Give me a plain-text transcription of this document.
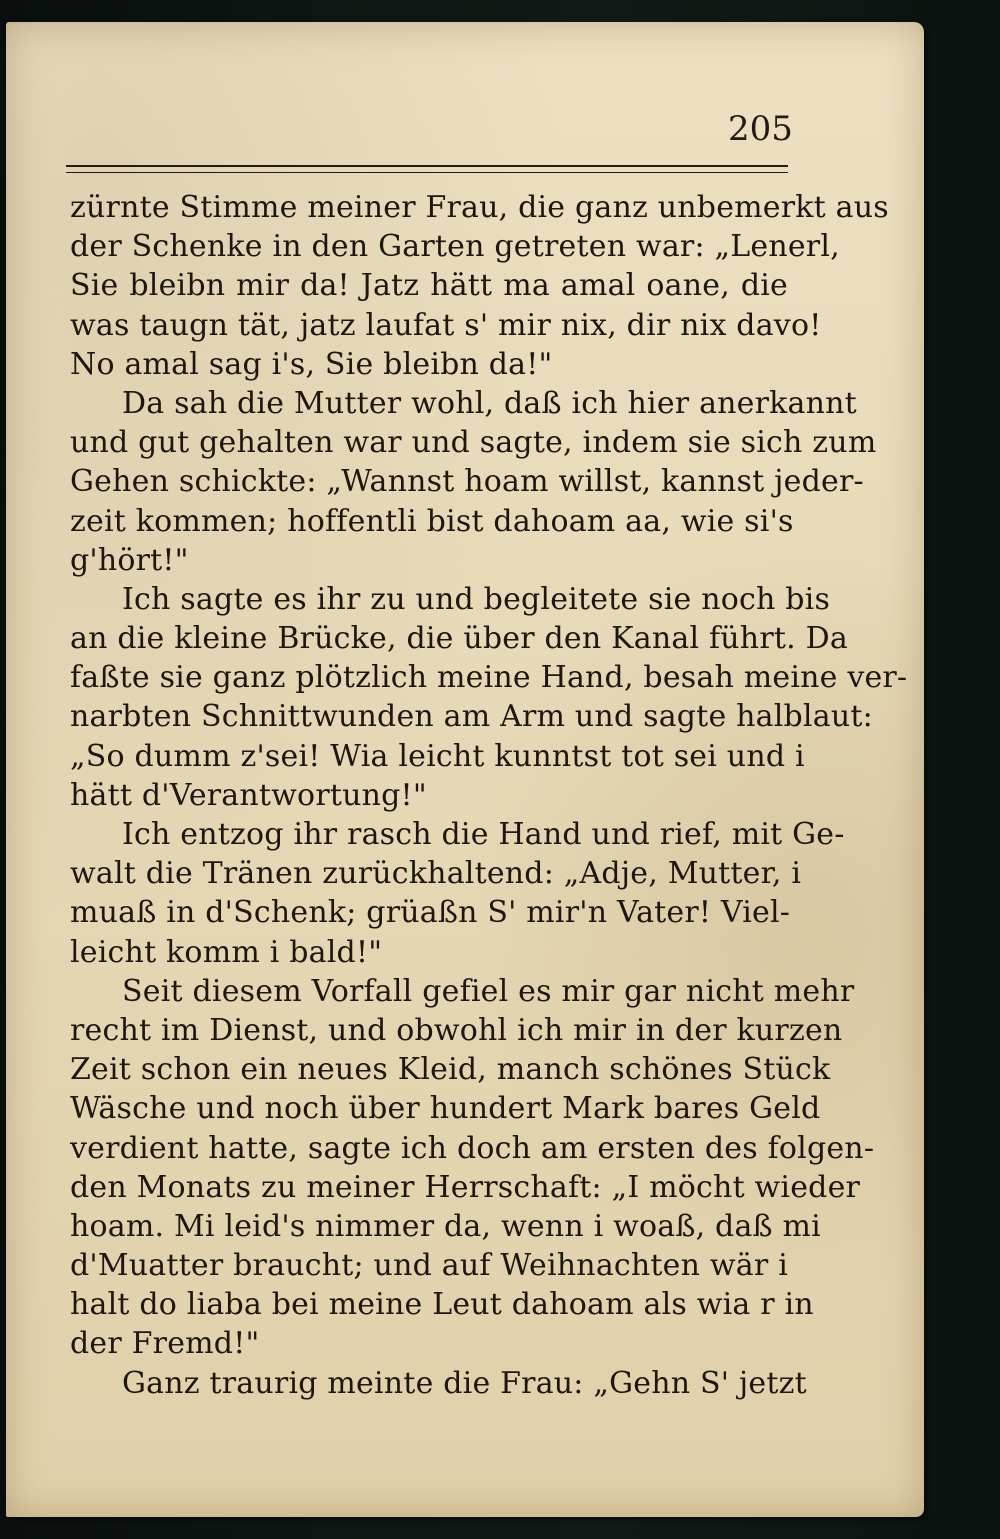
205
zürnte Stimme meiner Frau, die ganz unbemerkt aus
der Schenke in den Garten getreten war: „Lenerl,
Sie bleibn mir da! Jatz hätt ma amal oane, die
was taugn tät, jatz laufat s' mir nix, dir nix davo!
No amal sag i's, Sie bleibn da!"
Da sah die Mutter wohl, daß ich hier anerkannt
und gut gehalten war und sagte, indem sie sich zum
Gehen schickte: „Wannst hoam willst, kannst jeder-
zeit kommen; hoffentli bist dahoam aa, wie si's
g'hört!"
Ich sagte es ihr zu und begleitete sie noch bis
an die kleine Brücke, die über den Kanal führt. Da
faßte sie ganz plötzlich meine Hand, besah meine ver-
narbten Schnittwunden am Arm und sagte halblaut:
„So dumm z'sei! Wia leicht kunntst tot sei und i
hätt d'Verantwortung!"
Ich entzog ihr rasch die Hand und rief, mit Ge-
walt die Tränen zurückhaltend: „Adje, Mutter, i
muaß in d'Schenk; grüaßn S' mir'n Vater! Viel-
leicht komm i bald!"
Seit diesem Vorfall gefiel es mir gar nicht mehr
recht im Dienst, und obwohl ich mir in der kurzen
Zeit schon ein neues Kleid, manch schönes Stück
Wäsche und noch über hundert Mark bares Geld
verdient hatte, sagte ich doch am ersten des folgen-
den Monats zu meiner Herrschaft: „I möcht wieder
hoam. Mi leid's nimmer da, wenn i woaß, daß mi
d'Muatter braucht; und auf Weihnachten wär i
halt do liaba bei meine Leut dahoam als wia r in
der Fremd!"
Ganz traurig meinte die Frau: „Gehn S' jetzt
